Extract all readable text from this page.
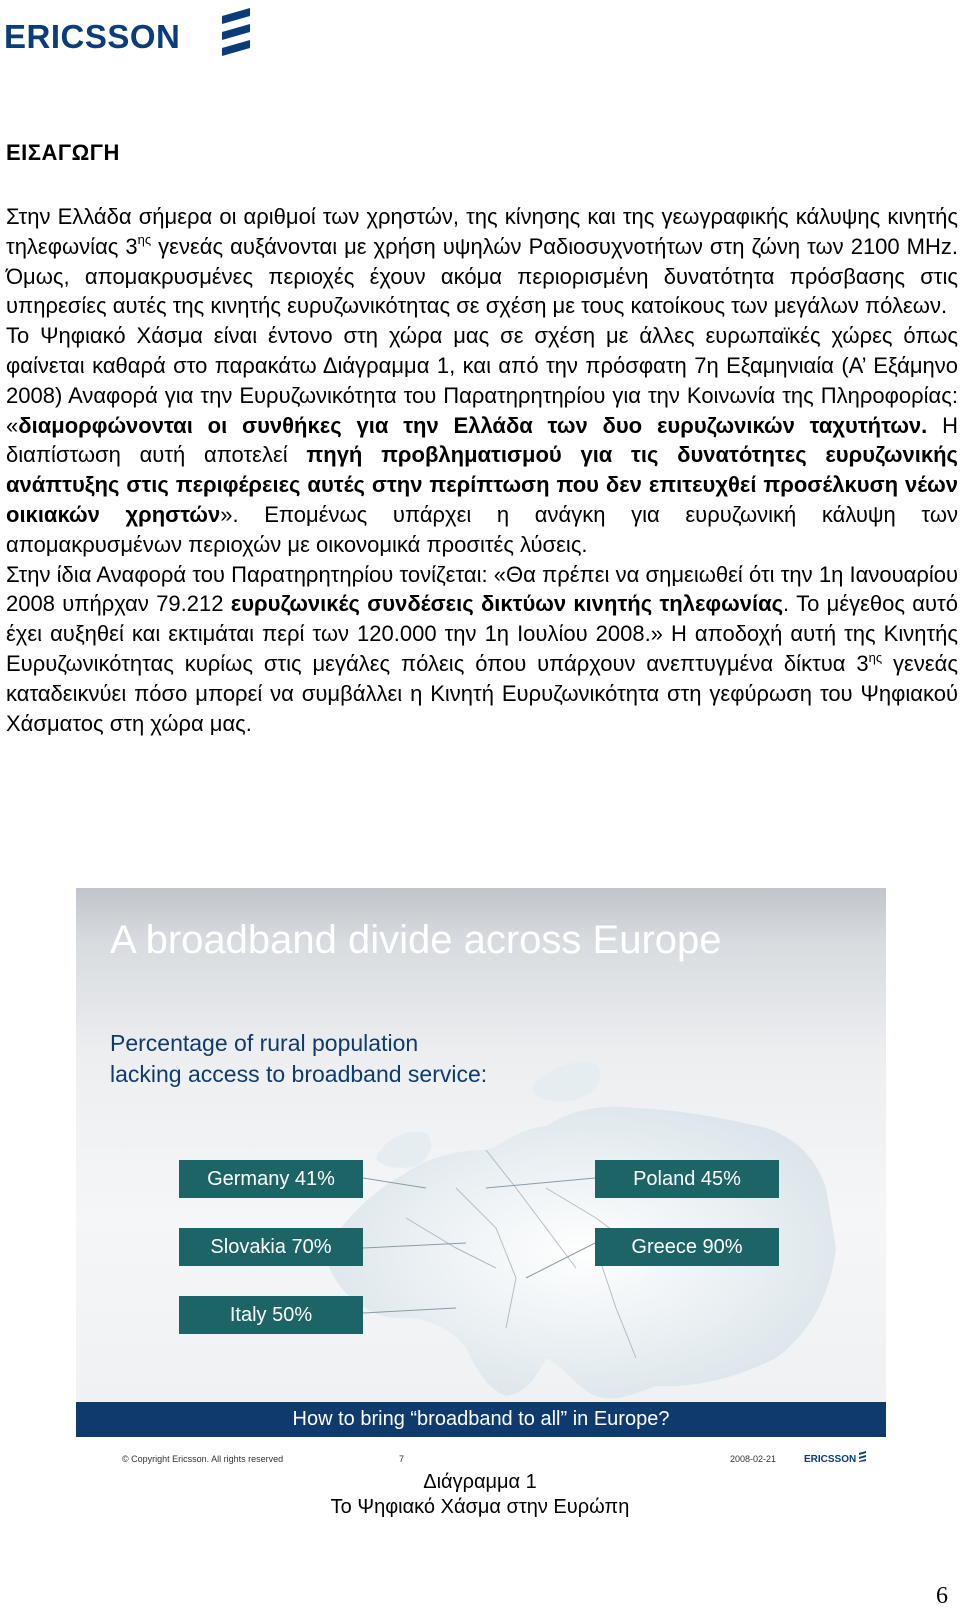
ERICSSON
ΕΙΣΑΓΩΓΗ

Στην Ελλάδα σήμερα οι αριθμοί των χρηστών, της κίνησης και της γεωγραφικής κάλυψης κινητής τηλεφωνίας $3^{\eta\varsigma}$ γενεάς αυξάνονται με χρήση υψηλών Ραδιοσυχνοτήτων στη ζώνη των 2100 MHz. Όμως, απομακρυσμένες περιοχές έχουν ακόμα περιορισμένη δυνατότητα πρόσβασης στις υπηρεσίες αυτές της κινητής ευρυζωνικότητας σε σχέση με τους κατοίκους των μεγάλων πόλεων.

Το Ψηφιακό Χάσμα είναι έντονο στη χώρα μας σε σχέση με άλλες ευρωπαϊκές χώρες όπως φαίνεται καθαρά στο παρακάτω Διάγραμμα 1, και από την πρόσφατη 7η Εξαμηνιαία (Α’ Εξάμηνο 2008) Αναφορά για την Ευρυζωνικότητα του Παρατηρητηρίου για την Κοινωνία της Πληροφορίας: «διαμορφώνονται οι συνθήκες για την Ελλάδα των δυο ευρυζωνικών ταχυτήτων. Η διαπίστωση αυτή αποτελεί πηγή προβληματισμού για τις δυνατότητες ευρυζωνικής ανάπτυξης στις περιφέρειες αυτές στην περίπτωση που δεν επιτευχθεί προσέλκυση νέων οικιακών χρηστών». Επομένως υπάρχει η ανάγκη για ευρυζωνική κάλυψη των απομακρυσμένων περιοχών με οικονομικά προσιτές λύσεις.

Στην ίδια Αναφορά του Παρατηρητηρίου τονίζεται: «Θα πρέπει να σημειωθεί ότι την 1η Ιανουαρίου 2008 υπήρχαν 79.212 ευρυζωνικές συνδέσεις δικτύων κινητής τηλεφωνίας. Το μέγεθος αυτό έχει αυξηθεί και εκτιμάται περί των 120.000 την 1η Ιουλίου 2008.» Η αποδοχή αυτή της Κινητής Ευρυζωνικότητας κυρίως στις μεγάλες πόλεις όπου υπάρχουν ανεπτυγμένα δίκτυα $3^{\eta\varsigma}$ γενεάς καταδεικνύει πόσο μπορεί να συμβάλλει η Κινητή Ευρυζωνικότητα στη γεφύρωση του Ψηφιακού Χάσματος στη χώρα μας.

A broadband divide across Europe
Percentage of rural population
lacking access to broadband service:
Germany 41%
Slovakia 70%
Italy 50%
Poland 45%
Greece 90%
How to bring “broadband to all” in Europe?
© Copyright Ericsson. All rights reserved	7	2008-02-21	ERICSSON
Διάγραμμα 1
Το Ψηφιακό Χάσμα στην Ευρώπη
6
